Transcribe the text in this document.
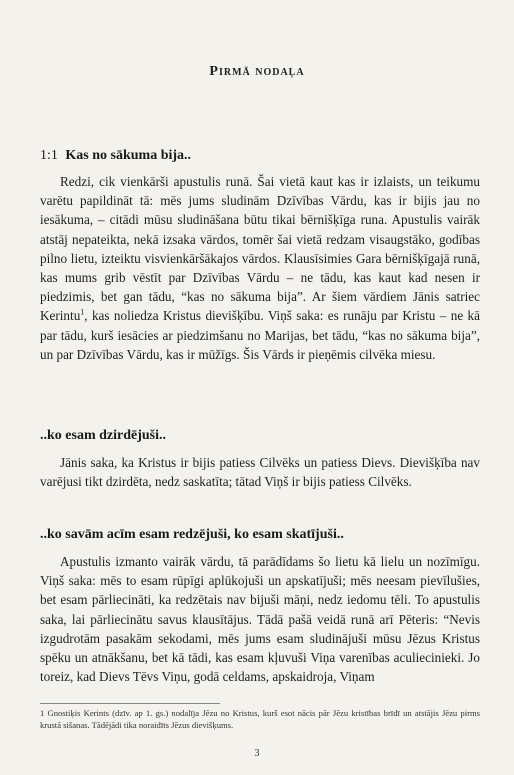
Pirmā nodaļa
1:1 Kas no sākuma bija..
Redzi, cik vienkārši apustulis runā. Šai vietā kaut kas ir izlaists, un teikumu varētu papildināt tā: mēs jums sludinām Dzīvības Vārdu, kas ir bijis jau no iesākuma, – citādi mūsu sludināšana būtu tikai bērnišķīga runa. Apustulis vairāk atstāj nepateikta, nekā izsaka vārdos, tomēr šai vietā redzam visaugstāko, godības pilno lietu, izteiktu visvienkāršākajos vārdos. Klausīsimies Gara bērnišķīgajā runā, kas mums grib vēstīt par Dzīvības Vārdu – ne tādu, kas kaut kad nesen ir piedzimis, bet gan tādu, “kas no sākuma bija”. Ar šiem vārdiem Jānis satriec Kerintu$^1$, kas noliedza Kristus dievišķību. Viņš saka: es runāju par Kristu – ne kā par tādu, kurš iesācies ar piedzimšanu no Marijas, bet tādu, “kas no sākuma bija”, un par Dzīvības Vārdu, kas ir mūžīgs. Šis Vārds ir pieņēmis cilvēka miesu.
..ko esam dzirdējuši..
Jānis saka, ka Kristus ir bijis patiess Cilvēks un patiess Dievs. Dievišķība nav varējusi tikt dzirdēta, nedz saskatīta; tātad Viņš ir bijis patiess Cilvēks.
..ko savām acīm esam redzējuši, ko esam skatījuši..
Apustulis izmanto vairāk vārdu, tā parādīdams šo lietu kā lielu un nozīmīgu. Viņš saka: mēs to esam rūpīgi aplūkojuši un apskatījuši; mēs neesam pievīlušies, bet esam pārliecināti, ka redzētais nav bijuši māņi, nedz iedomu tēli. To apustulis saka, lai pārliecinātu savus klausītājus. Tādā pašā veidā runā arī Pēteris: “Nevis izgudrotām pasakām sekodami, mēs jums esam sludinājuši mūsu Jēzus Kristus spēku un atnākšanu, bet kā tādi, kas esam kļuvuši Viņa varenības aculiecinieki. Jo toreiz, kad Dievs Tēvs Viņu, godā celdams, apskaidroja, Viņam
1 Gnostiķis Kerints (dzīv. ap 1. gs.) nodalīja Jēzu no Kristus, kurš esot nācis pār Jēzu kristības brīdī un atstājis Jēzu pirms krustā sišanas. Tādējādi tika noraidīts Jēzus dievišķums.
3
